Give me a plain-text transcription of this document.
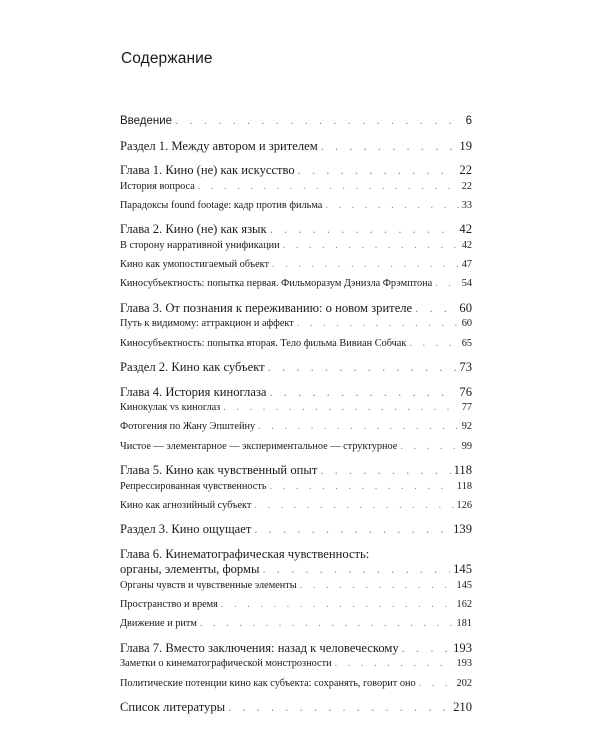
Содержание
Введение . . .	6
Раздел 1. Между автором и зрителем . . .	19
Глава 1. Кино (не) как искусство . . .	22
История вопроса . . .	22
Парадоксы found footage: кадр против фильма . . .	33
Глава 2. Кино (не) как язык . . .	42
В сторону нарративной унификации . . .	42
Кино как умопостигаемый объект . . .	47
Киносубъектность: попытка первая. Фильморазум Дэнизла Фрэмптона . . .	54
Глава 3. От познания к переживанию: о новом зрителе . . .	60
Путь к видимому: аттракцион и аффект . . .	60
Киносубъектность: попытка вторая. Тело фильма Вивиан Собчак . . .	65
Раздел 2. Кино как субъект . . .	73
Глава 4. История киноглаза . . .	76
Кинокулак vs киноглаз . . .	77
Фотогения по Жану Эпштейну . . .	92
Чистое — элементарное — экспериментальное — структурное . . .	99
Глава 5. Кино как чувственный опыт . . .	118
Репрессированная чувственность . . .	118
Кино как агнозийный субъект . . .	126
Раздел 3. Кино ощущает . . .	139
Глава 6. Кинематографическая чувственность:
органы, элементы, формы . . .	145
Органы чувств и чувственные элементы . . .	145
Пространство и время . . .	162
Движение и ритм . . .	181
Глава 7. Вместо заключения: назад к человеческому . . .	193
Заметки о кинематографической монстрозности . . .	193
Политические потенции кино как субъекта: сохранять, говорит оно . . .	202
Список литературы . . .	210
